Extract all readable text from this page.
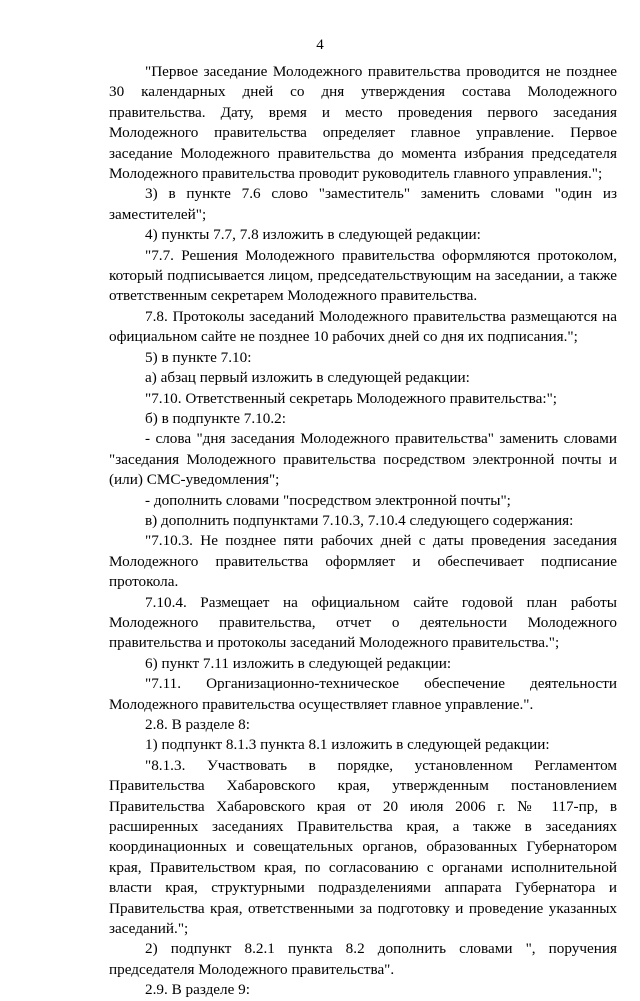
4

"Первое заседание Молодежного правительства проводится не позднее 30 календарных дней со дня утверждения состава Молодежного правительства. Дату, время и место проведения первого заседания Молодежного правительства определяет главное управление. Первое заседание Молодежного правительства до момента избрания председателя Молодежного правительства проводит руководитель главного управления.";

3) в пункте 7.6 слово "заместитель" заменить словами "один из заместителей";

4) пункты 7.7, 7.8 изложить в следующей редакции:

"7.7. Решения Молодежного правительства оформляются протоколом, который подписывается лицом, председательствующим на заседании, а также ответственным секретарем Молодежного правительства.

7.8. Протоколы заседаний Молодежного правительства размещаются на официальном сайте не позднее 10 рабочих дней со дня их подписания.";

5) в пункте 7.10:

а) абзац первый изложить в следующей редакции:

"7.10. Ответственный секретарь Молодежного правительства:";

б) в подпункте 7.10.2:

- слова "дня заседания Молодежного правительства" заменить словами "заседания Молодежного правительства посредством электронной почты и (или) СМС-уведомления";

- дополнить словами "посредством электронной почты";

в) дополнить подпунктами 7.10.3, 7.10.4 следующего содержания:

"7.10.3. Не позднее пяти рабочих дней с даты проведения заседания Молодежного правительства оформляет и обеспечивает подписание протокола.

7.10.4. Размещает на официальном сайте годовой план работы Молодежного правительства, отчет о деятельности Молодежного правительства и протоколы заседаний Молодежного правительства.";

6) пункт 7.11 изложить в следующей редакции:

"7.11. Организационно-техническое обеспечение деятельности Молодежного правительства осуществляет главное управление.".

2.8. В разделе 8:

1) подпункт 8.1.3 пункта 8.1 изложить в следующей редакции:

"8.1.3. Участвовать в порядке, установленном Регламентом Правительства Хабаровского края, утвержденным постановлением Правительства Хабаровского края от 20 июля 2006 г. № 117-пр, в расширенных заседаниях Правительства края, а также в заседаниях координационных и совещательных органов, образованных Губернатором края, Правительством края, по согласованию с органами исполнительной власти края, структурными подразделениями аппарата Губернатора и Правительства края, ответственными за подготовку и проведение указанных заседаний.";

2) подпункт 8.2.1 пункта 8.2 дополнить словами ", поручения председателя Молодежного правительства".

2.9. В разделе 9:
